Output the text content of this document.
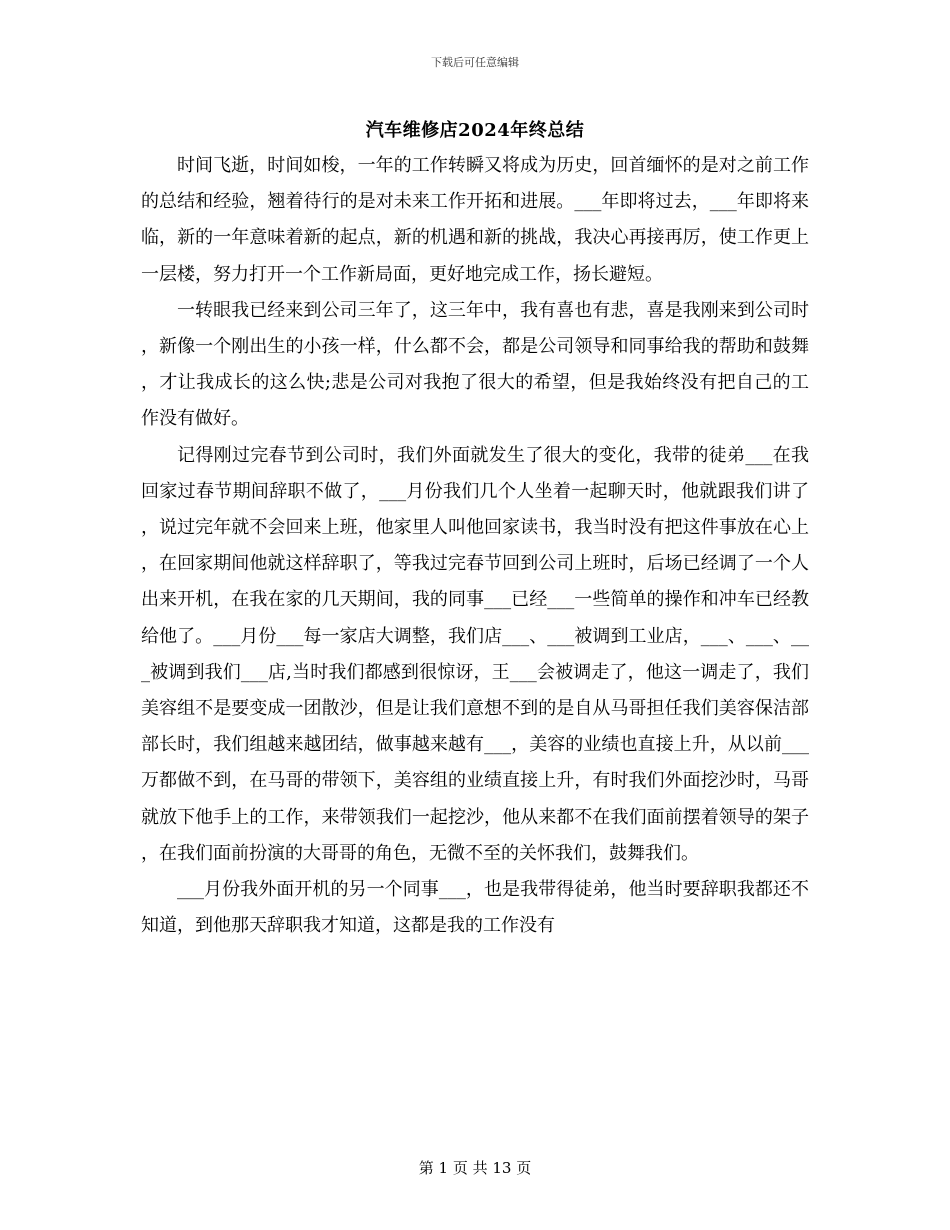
下载后可任意编辑
汽车维修店2024年终总结

时间飞逝，时间如梭，一年的工作转瞬又将成为历史，回首缅怀的是对之前工作的总结和经验，翘着待行的是对未来工作开拓和进展。___年即将过去，___年即将来临，新的一年意味着新的起点，新的机遇和新的挑战，我决心再接再厉，使工作更上一层楼，努力打开一个工作新局面，更好地完成工作，扬长避短。

一转眼我已经来到公司三年了，这三年中，我有喜也有悲，喜是我刚来到公司时，新像一个刚出生的小孩一样，什么都不会，都是公司领导和同事给我的帮助和鼓舞，才让我成长的这么快;悲是公司对我抱了很大的希望，但是我始终没有把自己的工作没有做好。

记得刚过完春节到公司时，我们外面就发生了很大的变化，我带的徒弟___在我回家过春节期间辞职不做了，___月份我们几个人坐着一起聊天时，他就跟我们讲了，说过完年就不会回来上班，他家里人叫他回家读书，我当时没有把这件事放在心上，在回家期间他就这样辞职了，等我过完春节回到公司上班时，后场已经调了一个人出来开机，在我在家的几天期间，我的同事___已经___一些简单的操作和冲车已经教给他了。___月份___每一家店大调整，我们店___、___被调到工业店，___、___、___被调到我们___店,当时我们都感到很惊讶，王___会被调走了，他这一调走了，我们美容组不是要变成一团散沙，但是让我们意想不到的是自从马哥担任我们美容保洁部部长时，我们组越来越团结，做事越来越有___，美容的业绩也直接上升，从以前___万都做不到，在马哥的带领下，美容组的业绩直接上升，有时我们外面挖沙时，马哥就放下他手上的工作，来带领我们一起挖沙，他从来都不在我们面前摆着领导的架子，在我们面前扮演的大哥哥的角色，无微不至的关怀我们，鼓舞我们。

___月份我外面开机的另一个同事___，也是我带得徒弟，他当时要辞职我都还不知道，到他那天辞职我才知道，这都是我的工作没有

第 1 页 共 13 页
